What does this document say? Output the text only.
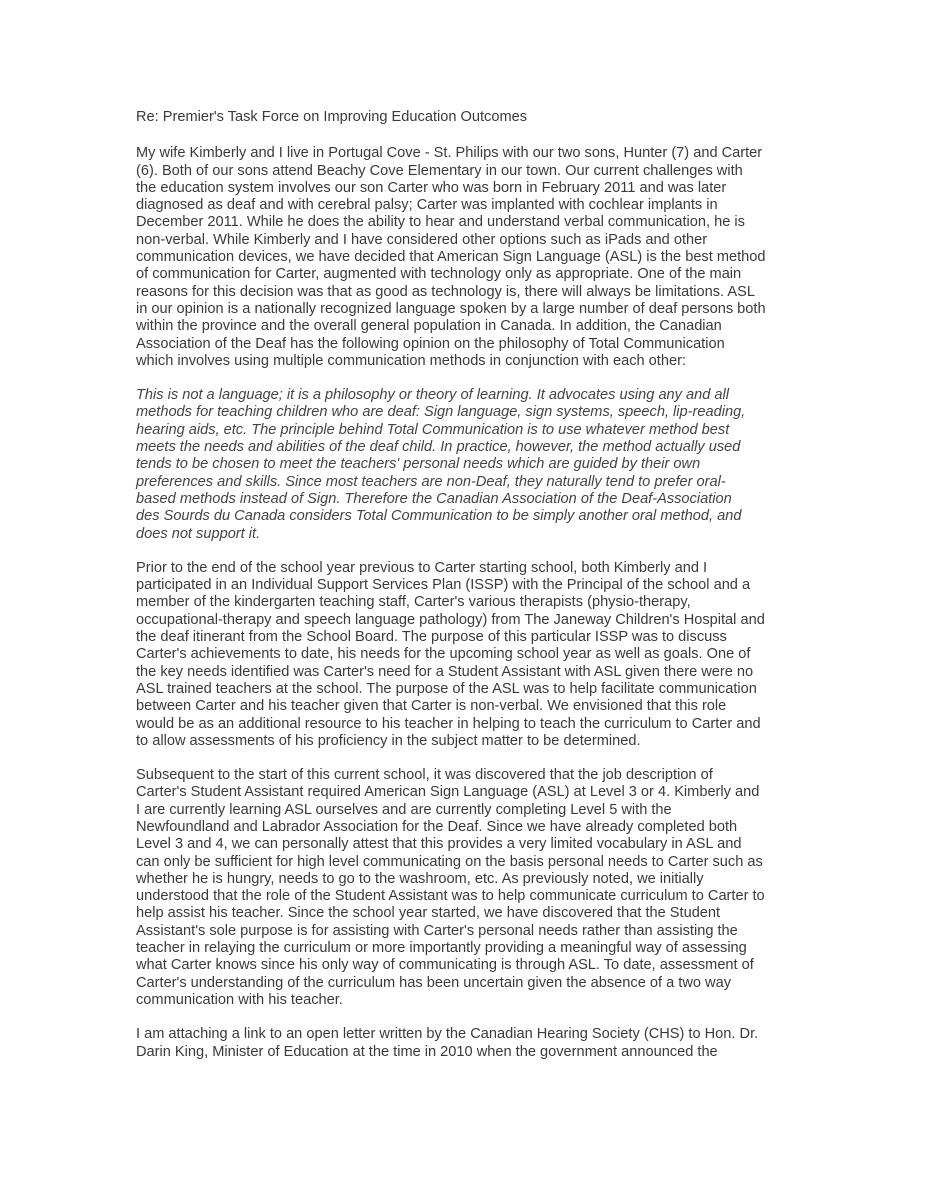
Re: Premier's Task Force on Improving Education Outcomes
My wife Kimberly and I live in Portugal Cove - St. Philips with our two sons, Hunter (7) and Carter
(6). Both of our sons attend Beachy Cove Elementary in our town. Our current challenges with
the education system involves our son Carter who was born in February 2011 and was later
diagnosed as deaf and with cerebral palsy; Carter was implanted with cochlear implants in
December 2011. While he does the ability to hear and understand verbal communication, he is
non-verbal. While Kimberly and I have considered other options such as iPads and other
communication devices, we have decided that American Sign Language (ASL) is the best method
of communication for Carter, augmented with technology only as appropriate. One of the main
reasons for this decision was that as good as technology is, there will always be limitations. ASL
in our opinion is a nationally recognized language spoken by a large number of deaf persons both
within the province and the overall general population in Canada. In addition, the Canadian
Association of the Deaf has the following opinion on the philosophy of Total Communication
which involves using multiple communication methods in conjunction with each other:
This is not a language; it is a philosophy or theory of learning. It advocates using any and all
methods for teaching children who are deaf: Sign language, sign systems, speech, lip-reading,
hearing aids, etc. The principle behind Total Communication is to use whatever method best
meets the needs and abilities of the deaf child. In practice, however, the method actually used
tends to be chosen to meet the teachers' personal needs which are guided by their own
preferences and skills. Since most teachers are non-Deaf, they naturally tend to prefer oral-
based methods instead of Sign. Therefore the Canadian Association of the Deaf-Association
des Sourds du Canada considers Total Communication to be simply another oral method, and
does not support it.
Prior to the end of the school year previous to Carter starting school, both Kimberly and I
participated in an Individual Support Services Plan (ISSP) with the Principal of the school and a
member of the kindergarten teaching staff, Carter's various therapists (physio-therapy,
occupational-therapy and speech language pathology) from The Janeway Children's Hospital and
the deaf itinerant from the School Board. The purpose of this particular ISSP was to discuss
Carter's achievements to date, his needs for the upcoming school year as well as goals. One of
the key needs identified was Carter's need for a Student Assistant with ASL given there were no
ASL trained teachers at the school. The purpose of the ASL was to help facilitate communication
between Carter and his teacher given that Carter is non-verbal. We envisioned that this role
would be as an additional resource to his teacher in helping to teach the curriculum to Carter and
to allow assessments of his proficiency in the subject matter to be determined.
Subsequent to the start of this current school, it was discovered that the job description of
Carter's Student Assistant required American Sign Language (ASL) at Level 3 or 4. Kimberly and
I are currently learning ASL ourselves and are currently completing Level 5 with the
Newfoundland and Labrador Association for the Deaf. Since we have already completed both
Level 3 and 4, we can personally attest that this provides a very limited vocabulary in ASL and
can only be sufficient for high level communicating on the basis personal needs to Carter such as
whether he is hungry, needs to go to the washroom, etc. As previously noted, we initially
understood that the role of the Student Assistant was to help communicate curriculum to Carter to
help assist his teacher. Since the school year started, we have discovered that the Student
Assistant's sole purpose is for assisting with Carter's personal needs rather than assisting the
teacher in relaying the curriculum or more importantly providing a meaningful way of assessing
what Carter knows since his only way of communicating is through ASL. To date, assessment of
Carter's understanding of the curriculum has been uncertain given the absence of a two way
communication with his teacher.
I am attaching a link to an open letter written by the Canadian Hearing Society (CHS) to Hon. Dr.
Darin King, Minister of Education at the time in 2010 when the government announced the
